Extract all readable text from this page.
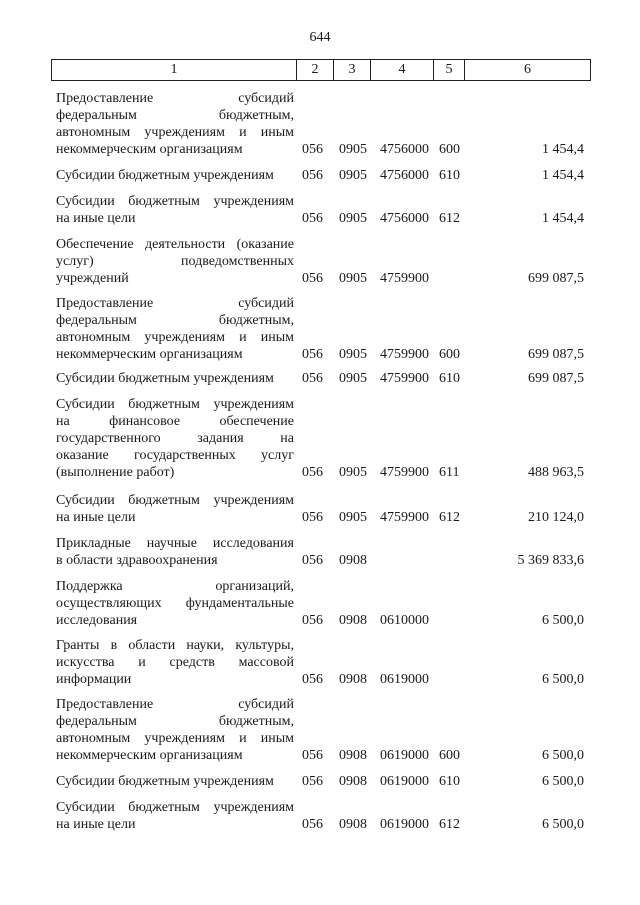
644
1	2	3	4	5	6
Предоставление субсидий
федеральным бюджетным,
автономным учреждениям и иным
некоммерческим организациям	056 0905 4756000 600	1 454,4
Субсидии бюджетным учреждениям	056 0905 4756000 610	1 454,4
Субсидии бюджетным учреждениям
на иные цели	056 0905 4756000 612	1 454,4
Обеспечение деятельности (оказание
услуг) подведомственных
учреждений	056 0905 4759900	699 087,5
Предоставление субсидий
федеральным бюджетным,
автономным учреждениям и иным
некоммерческим организациям	056 0905 4759900 600	699 087,5
Субсидии бюджетным учреждениям	056 0905 4759900 610	699 087,5
Субсидии бюджетным учреждениям
на финансовое обеспечение
государственного задания на
оказание государственных услуг
(выполнение работ)	056 0905 4759900 611	488 963,5
Субсидии бюджетным учреждениям
на иные цели	056 0905 4759900 612	210 124,0
Прикладные научные исследования
в области здравоохранения	056 0908	5 369 833,6
Поддержка организаций,
осуществляющих фундаментальные
исследования	056 0908 0610000	6 500,0
Гранты в области науки, культуры,
искусства и средств массовой
информации	056 0908 0619000	6 500,0
Предоставление субсидий
федеральным бюджетным,
автономным учреждениям и иным
некоммерческим организациям	056 0908 0619000 600	6 500,0
Субсидии бюджетным учреждениям	056 0908 0619000 610	6 500,0
Субсидии бюджетным учреждениям
на иные цели	056 0908 0619000 612	6 500,0
